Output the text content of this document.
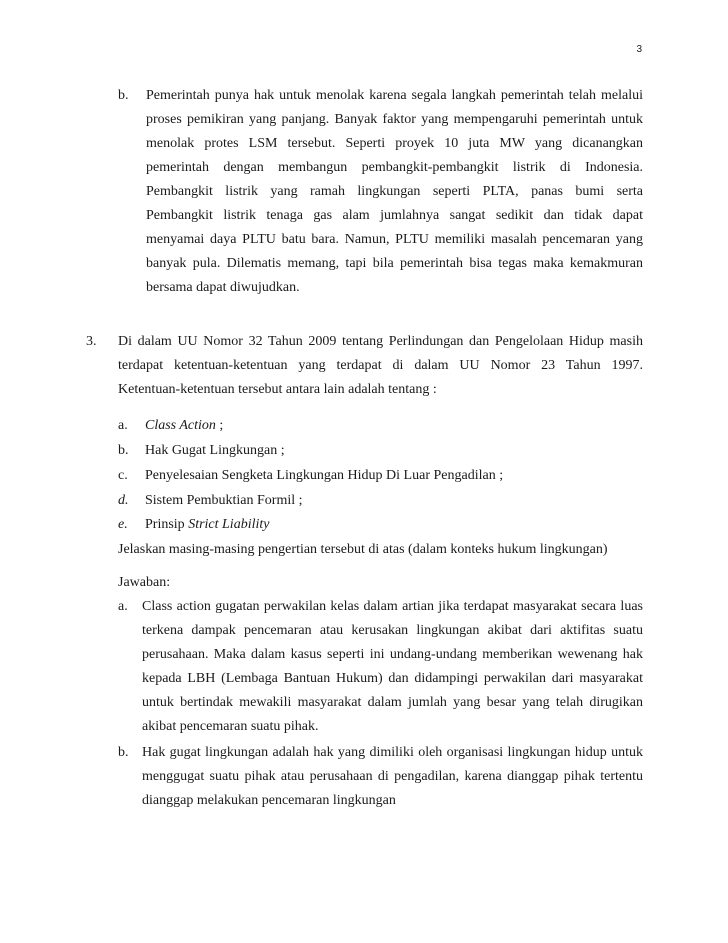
3
b. Pemerintah punya hak untuk menolak karena segala langkah pemerintah telah melalui
proses pemikiran yang panjang. Banyak faktor yang mempengaruhi pemerintah untuk
menolak protes LSM tersebut. Seperti proyek 10 juta MW yang dicanangkan
pemerintah dengan membangun pembangkit-pembangkit listrik di Indonesia.
Pembangkit listrik yang ramah lingkungan seperti PLTA, panas bumi serta
Pembangkit listrik tenaga gas alam jumlahnya sangat sedikit dan tidak dapat
menyamai daya PLTU batu bara. Namun, PLTU memiliki masalah pencemaran yang
banyak pula. Dilematis memang, tapi bila pemerintah bisa tegas maka kemakmuran
bersama dapat diwujudkan.
3. Di dalam UU Nomor 32 Tahun 2009 tentang Perlindungan dan Pengelolaan Hidup masih
terdapat ketentuan-ketentuan yang terdapat di dalam UU Nomor 23 Tahun 1997.
Ketentuan-ketentuan tersebut antara lain adalah tentang :
a. Class Action ;
b. Hak Gugat Lingkungan ;
c. Penyelesaian Sengketa Lingkungan Hidup Di Luar Pengadilan ;
d. Sistem Pembuktian Formil ;
e. Prinsip Strict Liability
Jelaskan masing-masing pengertian tersebut di atas (dalam konteks hukum lingkungan)
Jawaban:
a. Class action gugatan perwakilan kelas dalam artian jika terdapat masyarakat secara luas
terkena dampak pencemaran atau kerusakan lingkungan akibat dari aktifitas suatu
perusahaan. Maka dalam kasus seperti ini undang-undang memberikan wewenang hak
kepada LBH (Lembaga Bantuan Hukum) dan didampingi perwakilan dari masyarakat
untuk bertindak mewakili masyarakat dalam jumlah yang besar yang telah dirugikan
akibat pencemaran suatu pihak.
b. Hak gugat lingkungan adalah hak yang dimiliki oleh organisasi lingkungan hidup untuk
menggugat suatu pihak atau perusahaan di pengadilan, karena dianggap pihak tertentu
dianggap melakukan pencemaran lingkungan
